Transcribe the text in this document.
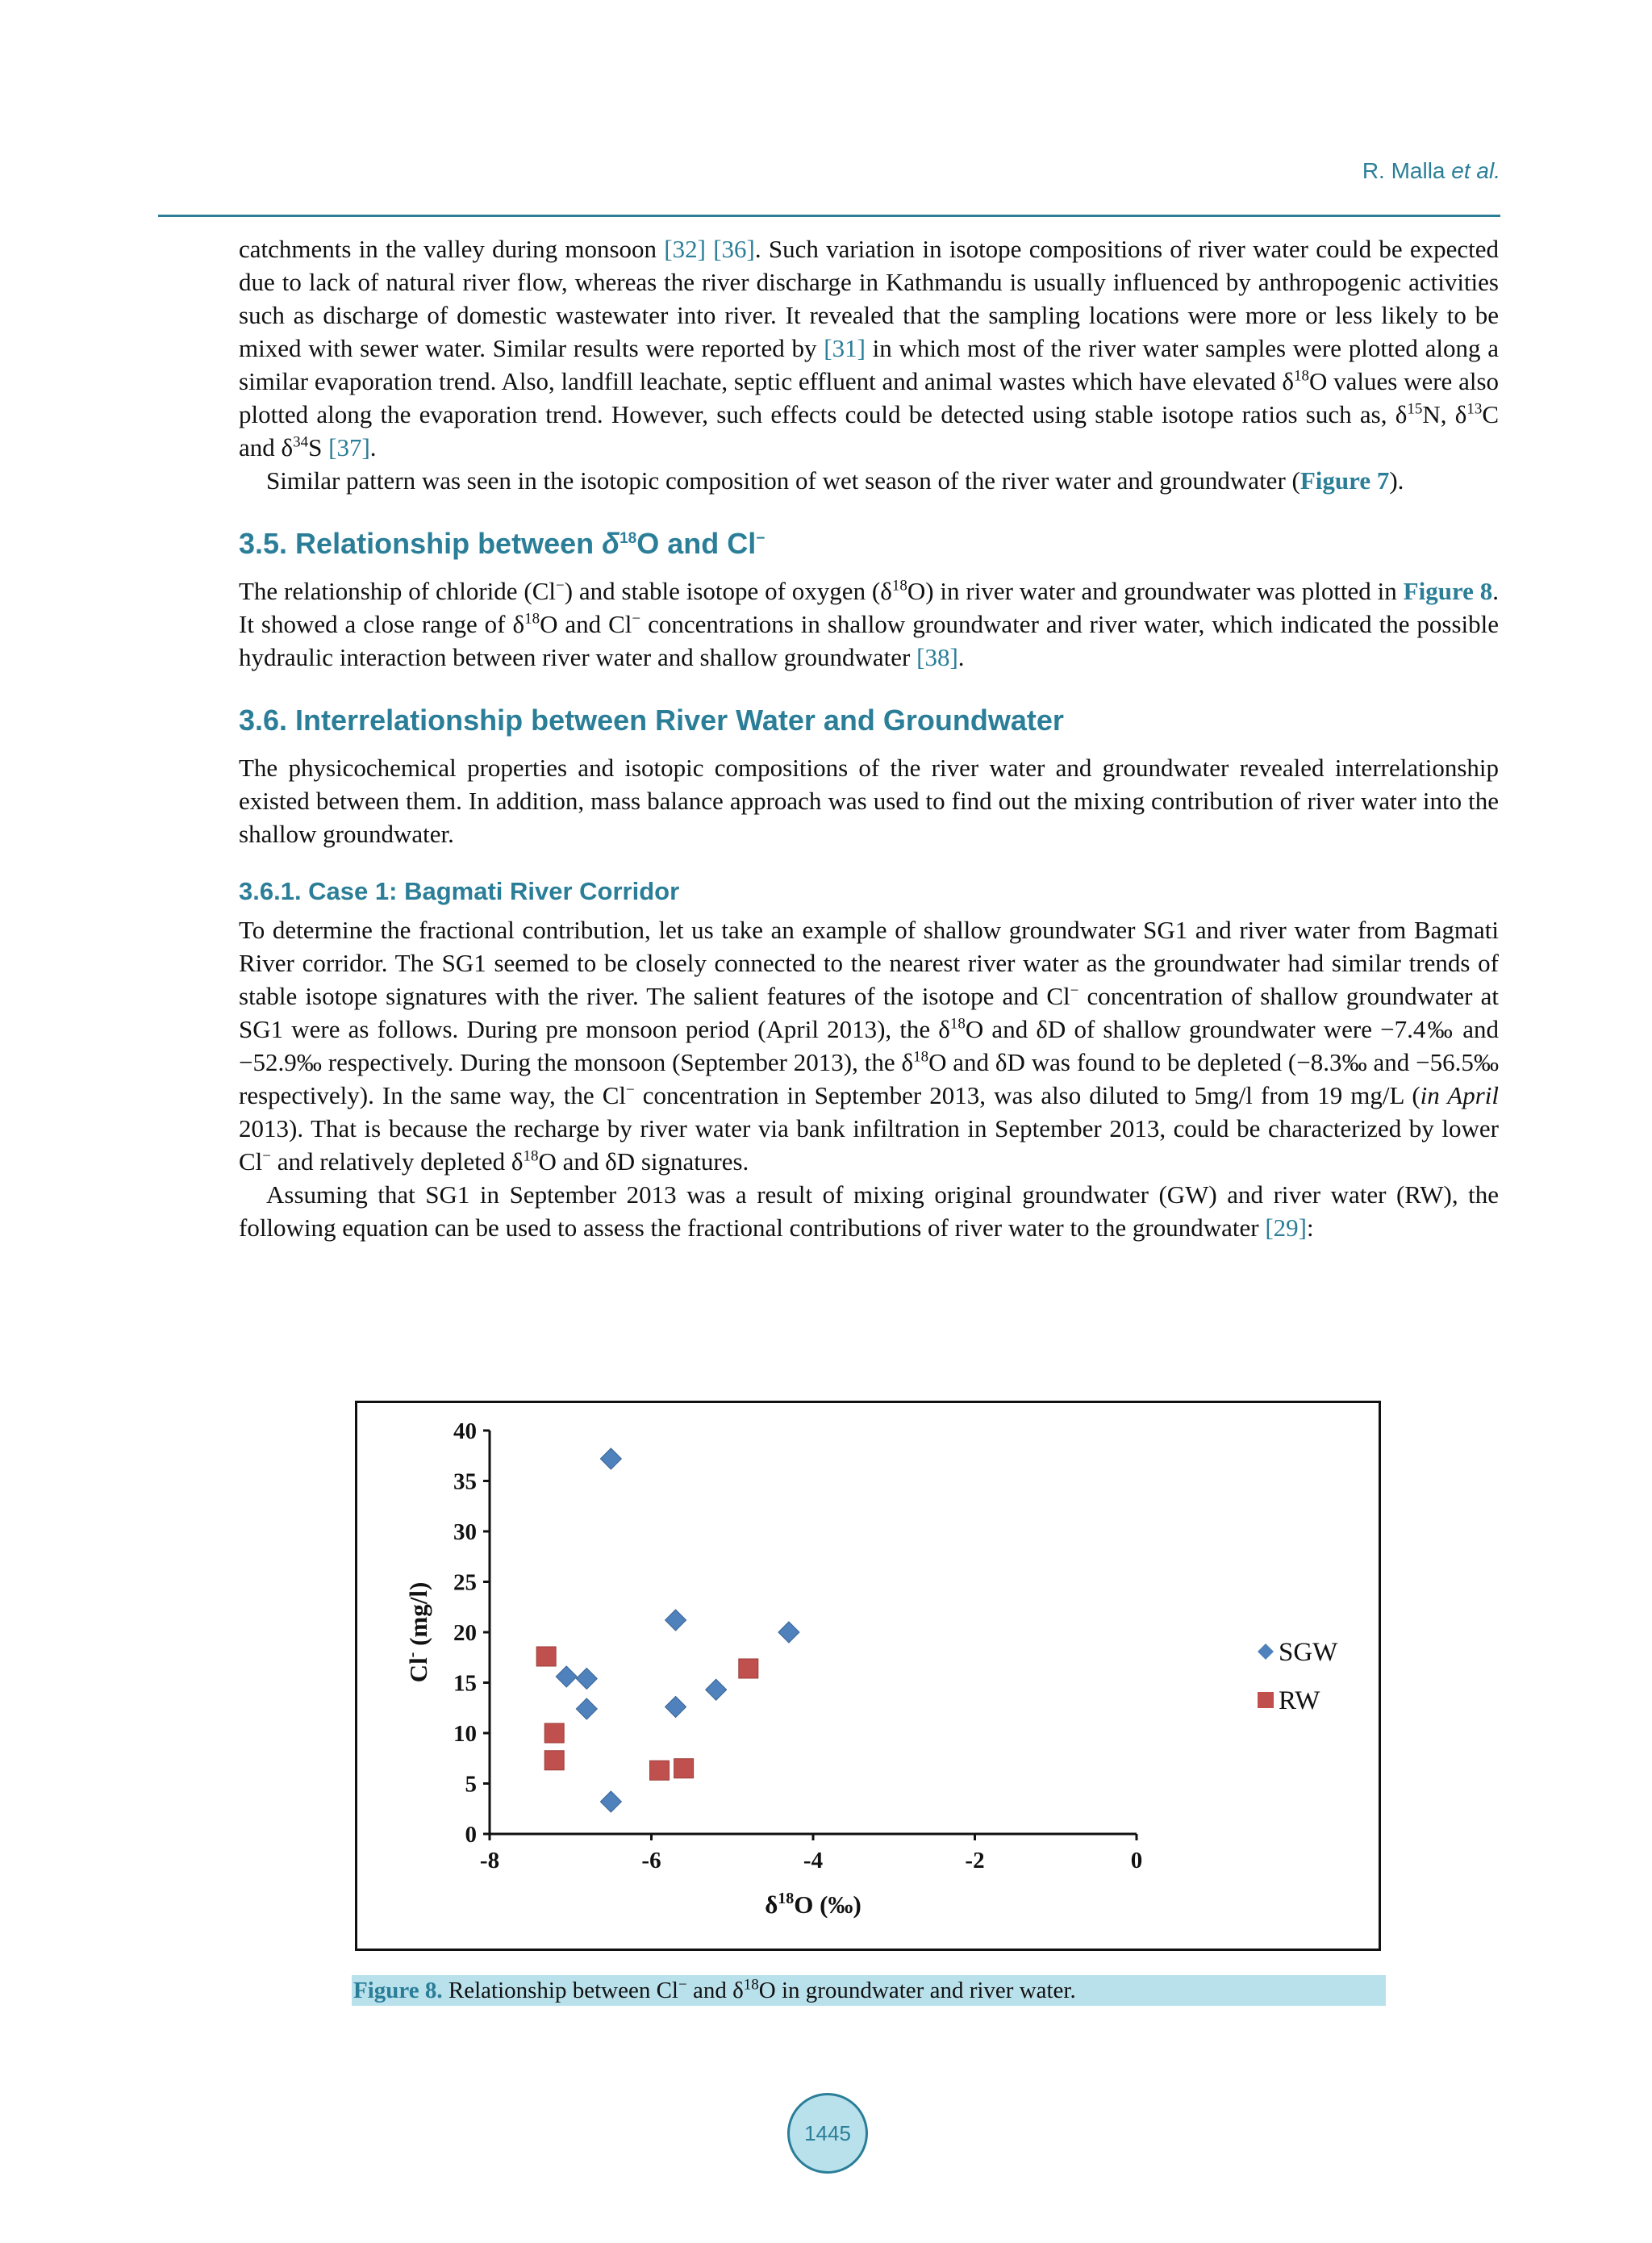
R. Malla et al.

catchments in the valley during monsoon [32] [36]. Such variation in isotope compositions of river water could be expected due to lack of natural river flow, whereas the river discharge in Kathmandu is usually influenced by anthropogenic activities such as discharge of domestic wastewater into river. It revealed that the sampling locations were more or less likely to be mixed with sewer water. Similar results were reported by [31] in which most of the river water samples were plotted along a similar evaporation trend. Also, landfill leachate, septic effluent and animal wastes which have elevated $\delta^{18}O$ values were also plotted along the evaporation trend. However, such effects could be detected using stable isotope ratios such as, $\delta^{15}N$, $\delta^{13}C$ and $\delta^{34}S$ [37].

Similar pattern was seen in the isotopic composition of wet season of the river water and groundwater (Figure 7).

3.5. Relationship between $\delta^{18}O$ and Cl−

The relationship of chloride (Cl−) and stable isotope of oxygen $(\delta^{18}O)$ in river water and groundwater was plotted in Figure 8. It showed a close range of $\delta^{18}O$ and Cl− concentrations in shallow groundwater and river water, which indicated the possible hydraulic interaction between river water and shallow groundwater [38].

3.6. Interrelationship between River Water and Groundwater

The physicochemical properties and isotopic compositions of the river water and groundwater revealed interrelationship existed between them. In addition, mass balance approach was used to find out the mixing contribution of river water into the shallow groundwater.

3.6.1. Case 1: Bagmati River Corridor

To determine the fractional contribution, let us take an example of shallow groundwater SG1 and river water from Bagmati River corridor. The SG1 seemed to be closely connected to the nearest river water as the groundwater had similar trends of stable isotope signatures with the river. The salient features of the isotope and Cl− concentration of shallow groundwater at SG1 were as follows. During pre monsoon period (April 2013), the $\delta^{18}O$ and δD of shallow groundwater were −7.4‰ and −52.9‰ respectively. During the monsoon (September 2013), the $\delta^{18}O$ and δD was found to be depleted (−8.3‰ and −56.5‰ respectively). In the same way, the Cl− concentration in September 2013, was also diluted to 5mg/l from 19 mg/L (in April 2013). That is because the recharge by river water via bank infiltration in September 2013, could be characterized by lower Cl− and relatively depleted $\delta^{18}O$ and δD signatures.

Assuming that SG1 in September 2013 was a result of mixing original groundwater (GW) and river water (RW), the following equation can be used to assess the fractional contributions of river water to the groundwater [29]:

0
5
10
15
20
25
30
35
40
-8	-6	-4	-2	0
$\delta^{18}O$ (‰)
Cl- (mg/l)
SGW
RW
Figure 8. Relationship between Cl− and $\delta^{18}O$ in groundwater and river water.
1445
